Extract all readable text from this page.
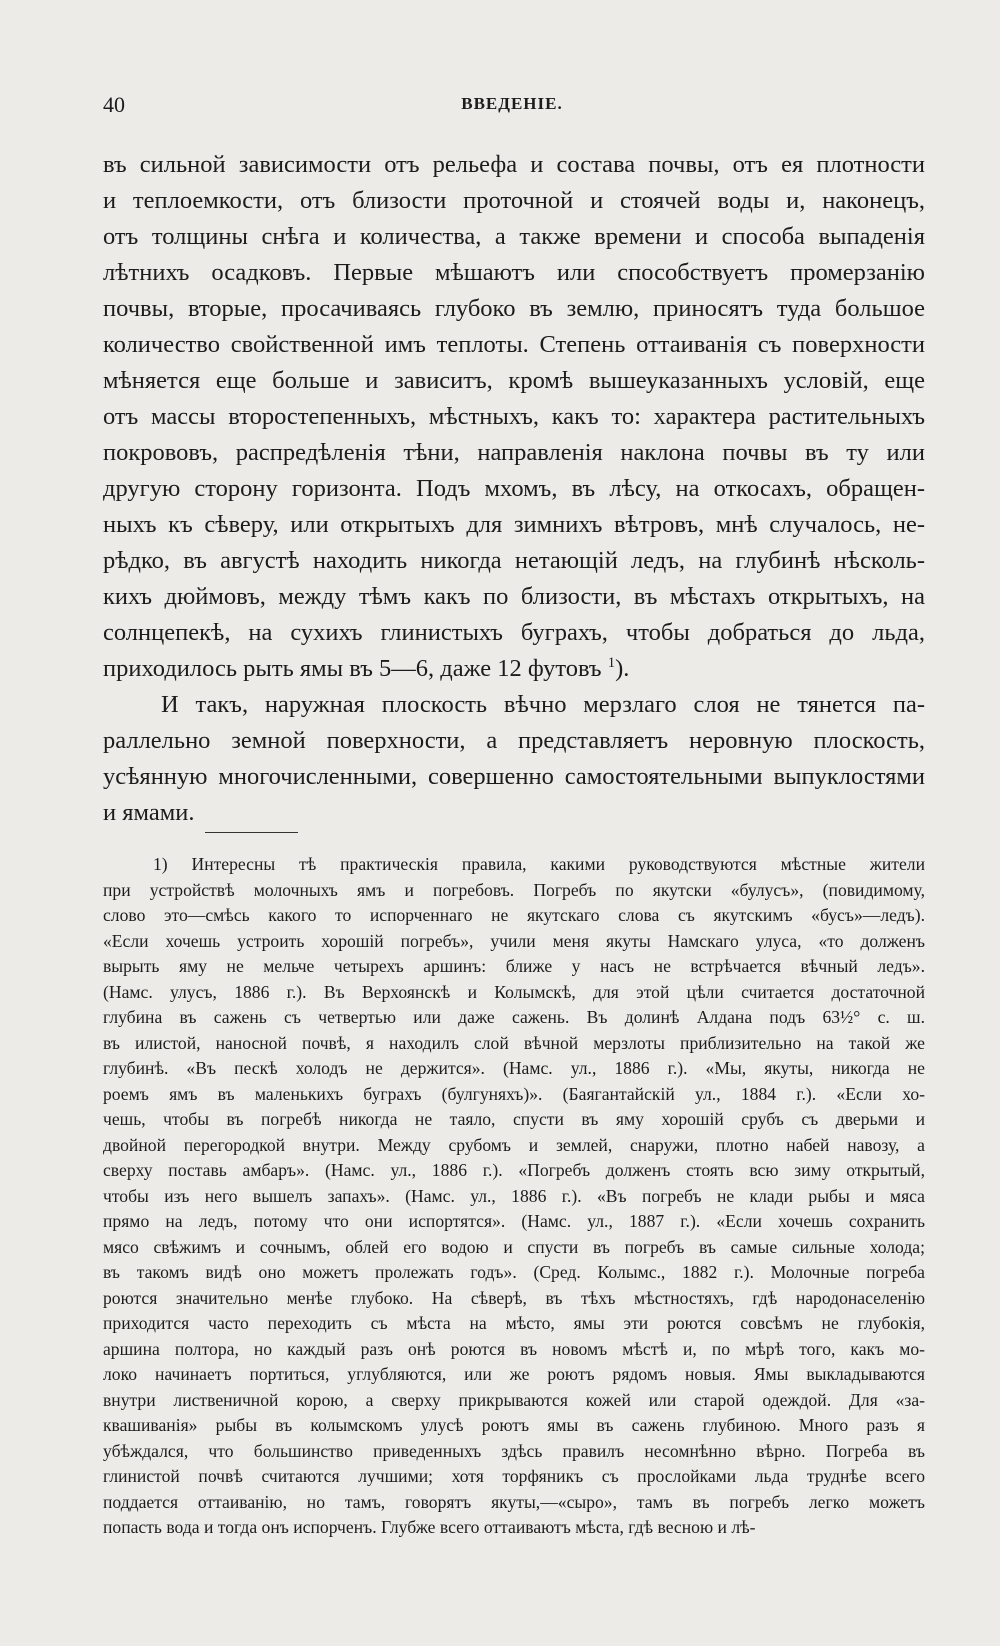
40	ВВЕДЕНІЕ.
въ сильной зависимости отъ рельефа и состава почвы, отъ ея плотности
и теплоемкости, отъ близости проточной и стоячей воды и, наконецъ,
отъ толщины снѣга и количества, а также времени и способа выпаденія
лѣтнихъ осадковъ. Первые мѣшаютъ или способствуетъ промерзанію
почвы, вторые, просачиваясь глубоко въ землю, приносятъ туда большое
количество свойственной имъ теплоты. Степень оттаиванія съ поверхности
мѣняется еще больше и зависитъ, кромѣ вышеуказанныхъ условій, еще
отъ массы второстепенныхъ, мѣстныхъ, какъ то: характера растительныхъ
покрововъ, распредѣленія тѣни, направленія наклона почвы въ ту или
другую сторону горизонта. Подъ мхомъ, въ лѣсу, на откосахъ, обращен-
ныхъ къ сѣверу, или открытыхъ для зимнихъ вѣтровъ, мнѣ случалось, не-
рѣдко, въ августѣ находить никогда нетающій ледъ, на глубинѣ нѣсколь-
кихъ дюймовъ, между тѣмъ какъ по близости, въ мѣстахъ открытыхъ, на
солнцепекѣ, на сухихъ глинистыхъ буграхъ, чтобы добраться до льда,
приходилось рыть ямы въ 5—6, даже 12 футовъ $^1$).
И такъ, наружная плоскость вѣчно мерзлаго слоя не тянется па-
раллельно земной поверхности, а представляетъ неровную плоскость,
усѣянную многочисленными, совершенно самостоятельными выпуклостями
и ямами.
1) Интересны тѣ практическія правила, какими руководствуются мѣстные жители
при устройствѣ молочныхъ ямъ и погребовъ. Погребъ по якутски «булусъ», (повидимому,
слово это—смѣсь какого то испорченнаго не якутскаго слова съ якутскимъ «бусъ»—ледъ).
«Если хочешь устроить хорошій погребъ», учили меня якуты Намскаго улуса, «то долженъ
вырыть яму не мельче четырехъ аршинъ: ближе у насъ не встрѣчается вѣчный ледъ».
(Намс. улусъ, 1886 г.). Въ Верхоянскѣ и Колымскѣ, для этой цѣли считается достаточной
глубина въ сажень съ четвертью или даже сажень. Въ долинѣ Алдана подъ 63½° с. ш.
въ илистой, наносной почвѣ, я находилъ слой вѣчной мерзлоты приблизительно на такой же
глубинѣ. «Въ пескѣ холодъ не держится». (Намс. ул., 1886 г.). «Мы, якуты, никогда не
роемъ ямъ въ маленькихъ буграхъ (булгуняхъ)». (Баягантайскій ул., 1884 г.). «Если хо-
чешь, чтобы въ погребѣ никогда не таяло, спусти въ яму хорошій срубъ съ дверьми и
двойной перегородкой внутри. Между срубомъ и землей, снаружи, плотно набей навозу, а
сверху поставь амбаръ». (Намс. ул., 1886 г.). «Погребъ долженъ стоять всю зиму открытый,
чтобы изъ него вышелъ запахъ». (Намс. ул., 1886 г.). «Въ погребъ не клади рыбы и мяса
прямо на ледъ, потому что они испортятся». (Намс. ул., 1887 г.). «Если хочешь сохранить
мясо свѣжимъ и сочнымъ, облей его водою и спусти въ погребъ въ самые сильные холода;
въ такомъ видѣ оно можетъ пролежать годъ». (Сред. Колымс., 1882 г.). Молочные погреба
роются значительно менѣе глубоко. На сѣверѣ, въ тѣхъ мѣстностяхъ, гдѣ народонаселенію
приходится часто переходить съ мѣста на мѣсто, ямы эти роются совсѣмъ не глубокія,
аршина полтора, но каждый разъ онѣ роются въ новомъ мѣстѣ и, по мѣрѣ того, какъ мо-
локо начинаетъ портиться, углубляются, или же роютъ рядомъ новыя. Ямы выкладываются
внутри лиственичной корою, а сверху прикрываются кожей или старой одеждой. Для «за-
квашиванія» рыбы въ колымскомъ улусѣ роютъ ямы въ сажень глубиною. Много разъ я
убѣждался, что большинство приведенныхъ здѣсь правилъ несомнѣнно вѣрно. Погреба въ
глинистой почвѣ считаются лучшими; хотя торфяникъ съ прослойками льда труднѣе всего
поддается оттаиванію, но тамъ, говорятъ якуты,—«сыро», тамъ въ погребъ легко можетъ
попасть вода и тогда онъ испорченъ. Глубже всего оттаиваютъ мѣста, гдѣ весною и лѣ-
